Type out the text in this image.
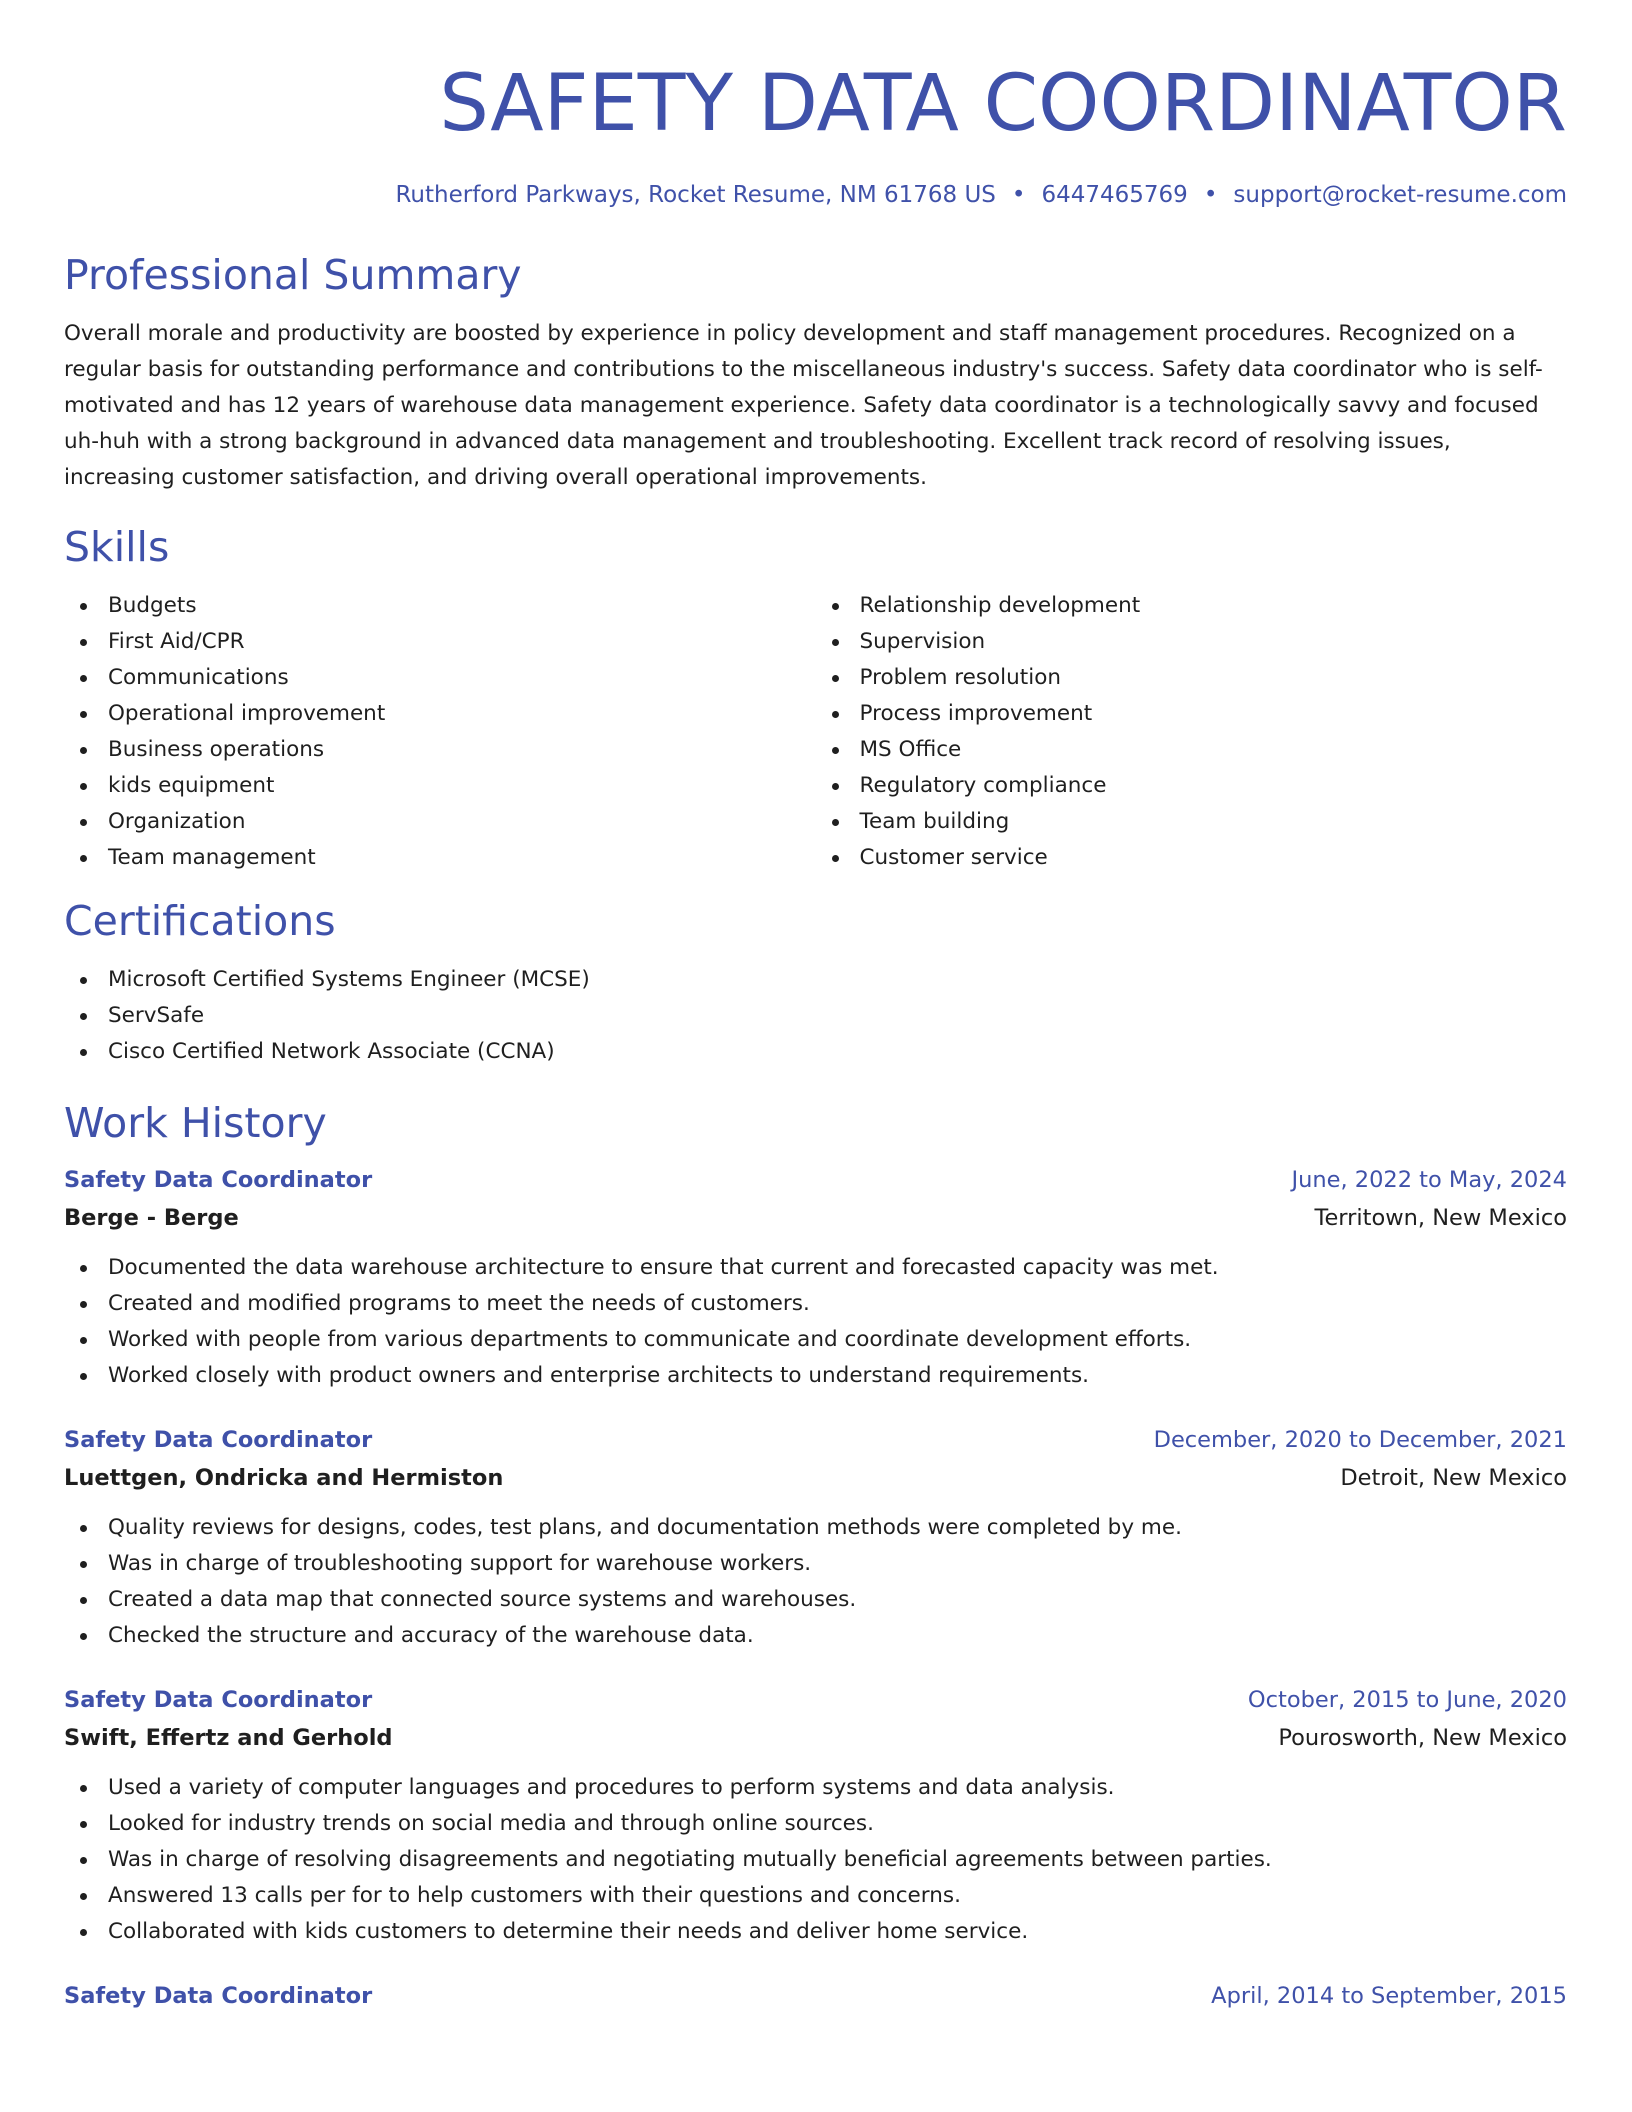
SAFETY DATA COORDINATOR
Rutherford Parkways, Rocket Resume, NM 61768 US • 6447465769 • support@rocket-resume.com
Professional Summary
Overall morale and productivity are boosted by experience in policy development and staff management procedures. Recognized on a regular basis for outstanding performance and contributions to the miscellaneous industry's success. Safety data coordinator who is self-motivated and has 12 years of warehouse data management experience. Safety data coordinator is a technologically savvy and focused uh-huh with a strong background in advanced data management and troubleshooting. Excellent track record of resolving issues, increasing customer satisfaction, and driving overall operational improvements.
Skills
Budgets
First Aid/CPR
Communications
Operational improvement
Business operations
kids equipment
Organization
Team management
Relationship development
Supervision
Problem resolution
Process improvement
MS Office
Regulatory compliance
Team building
Customer service
Certifications
Microsoft Certified Systems Engineer (MCSE)
ServSafe
Cisco Certified Network Associate (CCNA)
Work History
Safety Data Coordinator	June, 2022 to May, 2024
Berge - Berge	Territown, New Mexico
Documented the data warehouse architecture to ensure that current and forecasted capacity was met.
Created and modified programs to meet the needs of customers.
Worked with people from various departments to communicate and coordinate development efforts.
Worked closely with product owners and enterprise architects to understand requirements.
Safety Data Coordinator	December, 2020 to December, 2021
Luettgen, Ondricka and Hermiston	Detroit, New Mexico
Quality reviews for designs, codes, test plans, and documentation methods were completed by me.
Was in charge of troubleshooting support for warehouse workers.
Created a data map that connected source systems and warehouses.
Checked the structure and accuracy of the warehouse data.
Safety Data Coordinator	October, 2015 to June, 2020
Swift, Effertz and Gerhold	Pourosworth, New Mexico
Used a variety of computer languages and procedures to perform systems and data analysis.
Looked for industry trends on social media and through online sources.
Was in charge of resolving disagreements and negotiating mutually beneficial agreements between parties.
Answered 13 calls per for to help customers with their questions and concerns.
Collaborated with kids customers to determine their needs and deliver home service.
Safety Data Coordinator	April, 2014 to September, 2015
